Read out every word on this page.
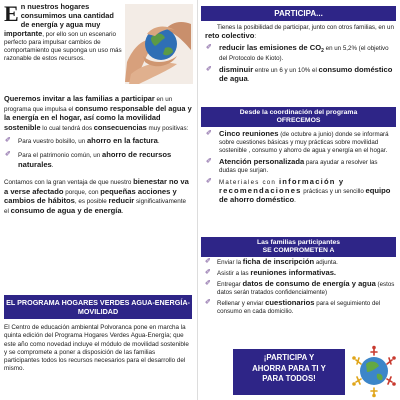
E n nuestros hogares consumimos una cantidad de energía y agua muy importante, por ello son un escenario perfecto para impulsar cambios de comportamiento que suponga un uso más razonable de estos recursos.
Queremos invitar a las familias a participar en un programa que impulsa el consumo responsable del agua y la energía en el hogar, así como la movilidad sostenible lo cual tendrá dos consecuencias muy positivas:
✐ Para vuestro bolsillo, un ahorro en la factura.
✐ Para el patrimonio común, un ahorro de recursos naturales.
Contamos con la gran ventaja de que nuestro bienestar no va a verse afectado porque, con pequeñas acciones y cambios de hábitos, es posible reducir significativamente el consumo de agua y de energía.
EL PROGRAMA HOGARES VERDES AGUA-ENERGÍA-MOVILIDAD
El Centro de educación ambiental Polvoranca pone en marcha la quinta edición del Programa Hogares Verdes Agua-Energía; que este año como novedad incluye el módulo de movilidad sostenible y se compromete a poner a disposición de las familias participantes todos los recursos necesarios para el desarrollo del mismo.
PARTICIPA...
Tienes la posibilidad de participar, junto con otros familias, en un reto colectivo:
✐ reducir las emisiones de $CO_2$ en un 5,2% (el objetivo del Protocolo de Kioto).
✐ disminuir entre un 6 y un 10% el consumo doméstico de agua.
Desde la coordinación del programa
OFRECEMOS
✐ Cinco reuniones (de octubre a junio) donde se informará sobre cuestiones básicas y muy prácticas sobre movilidad sostenible , consumo y ahorro de agua y energía en el hogar.
✐ Atención personalizada para ayudar a resolver las dudas que surjan.
✐ Materiales con información y recomendaciones prácticas y un sencillo equipo de ahorro doméstico.
Las familias participantes
SE COMPROMETEN A
✐ Enviar la ficha de inscripción adjunta.
✐ Asistir a las reuniones informativas.
✐ Entregar datos de consumo de energía y agua (estos datos serán tratados confidencialmente)
✐ Rellenar y enviar cuestionarios para el seguimiento del consumo en cada domicilio.
¡PARTICIPA Y
AHORRA PARA TI Y
PARA TODOS!
